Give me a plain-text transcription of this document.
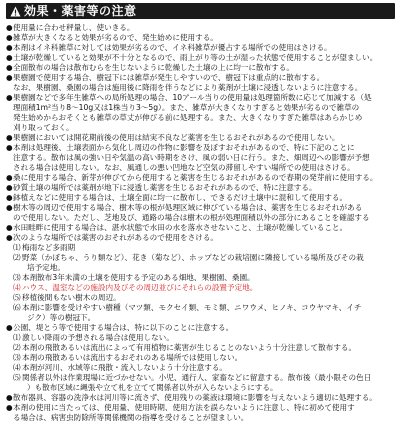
効果・薬害等の注意
● 使用量に合わせ秤量し、使いきる。
● 雑草が大きくなると効果が劣るので、発生始めに使用する。
● 本剤はイネ科雑草に対しては効果が劣るので、イネ科雑草が優占する場所での使用はさける。
● 土壌が乾燥していると効果が不十分となるので、雨上がり等の土が湿った状態で使用することが望ましい。
● 全面散布の場合は散布むらを生じないように乾燥した土壌の上に均一に散布する。
● 果樹園で使用する場合、樹冠下には雑草が発生しやすいので、樹冠下は重点的に散布する。
なお、果樹園、桑園の場合は施用後に降雨を伴うなどにより薬剤が土壌に浸透しないように注意する。
● 果樹園などで多年生雑草への局所処理の場合、10アール当りの使用量は処理箇所数に応じて加減する（処
理面積1m²当り8～10g又は1株当り3～5g）。また、雑草が大きくなりすぎると効果が劣るので雑草の
発生始めからおそくとも雑草の草丈が伸びる前に処理する。また、大きくなりすぎた雑草はあらかじめ
刈り取っておく。
● 果樹園においては開花期前後の使用は結実不良など薬害を生じるおそれがあるので使用しない。
● 本剤は処理後、土壌表面から気化し周辺の作物に影響を及ぼすおそれがあるので、特に下記のことに
注意する。散布は風の強い日や気温の高い時期をさけ、風の弱い日に行う。また、畑周辺への影響が予想
される場合は使用しない。なお、風通しの悪い凹地など空気の滞留しやすい場所での使用はさける。
● 桑に使用する場合、新芽が伸びてから使用すると薬害を生じるおそれがあるので春期の発芽前に使用する。
● 砂質土壌の場所では薬剤が地下に浸透し薬害を生じるおそれがあるので、特に注意する。
● 鉢植えなどに使用する場合は、土壌全面に均一に散布し、できるだけ土壌中に混和して使用する。
● 樹木等の周辺で使用する場合、樹木等の根が処理区域に伸びている場合は、薬害を生じるおそれがある
ので使用しない。ただし、芝地及び、通路の場合は樹木の根が処理面積以外の部分にあることを確認する
● 水田畦畔に使用する場合は、湛水状態で水田の水を落水させないこと、土壌が乾燥していること。
● 次のような場所では薬害のおそれがあるので使用をさける。
⑴ 梅雨など多雨期
⑵ 野菜（かぼちゃ、うり類など）、花き（菊など）、ホップなどの栽培園に隣接している場所及びその栽
培予定地。
⑶ 本剤散布3年未満の土壌を使用する予定のある畑地、果樹園、桑園。
⑷ ハウス、温室などの施設内及びその周辺並びにそれらの設置予定地。
⑸ 移植後間もない樹木の周辺。
⑹ 本剤に影響を受けやすい樹種（マツ類、モクセイ類、モミ類、ニワウメ、ヒノキ、コウヤマキ、イチ
ジク）等の樹冠下。
● 公園、堤とう等で使用する場合は、特に以下のことに注意する。
⑴ 激しい降雨の予想される場合は使用しない。
⑵ 本剤の飛散あるいは流出によって有用植物に薬害が生じることのないよう十分注意して散布する。
⑶ 本剤の飛散あるいは流出するおそれのある場所では使用しない。
⑷ 本剤が河川、水域等に飛散・流入しないよう十分注意する。
⑸ 関係者以外は作業現場に近づかせない。小児、通行人、家畜などに留意する。散布後（最小限その色日
）も散布区域に縄張や立て札を立てて関係者以外が入らないようにする。
● 散布器具、容器の洗浄水は河川等に流さず、使用残りの薬液は環境に影響を与えないよう適切に処理する。
● 本剤の使用に当たっては、使用量、使用時期、使用方法を誤らないように注意し、特に初めて使用す
る場合は、病害虫防除所等関係機関の指導を受けることが望ましい。
